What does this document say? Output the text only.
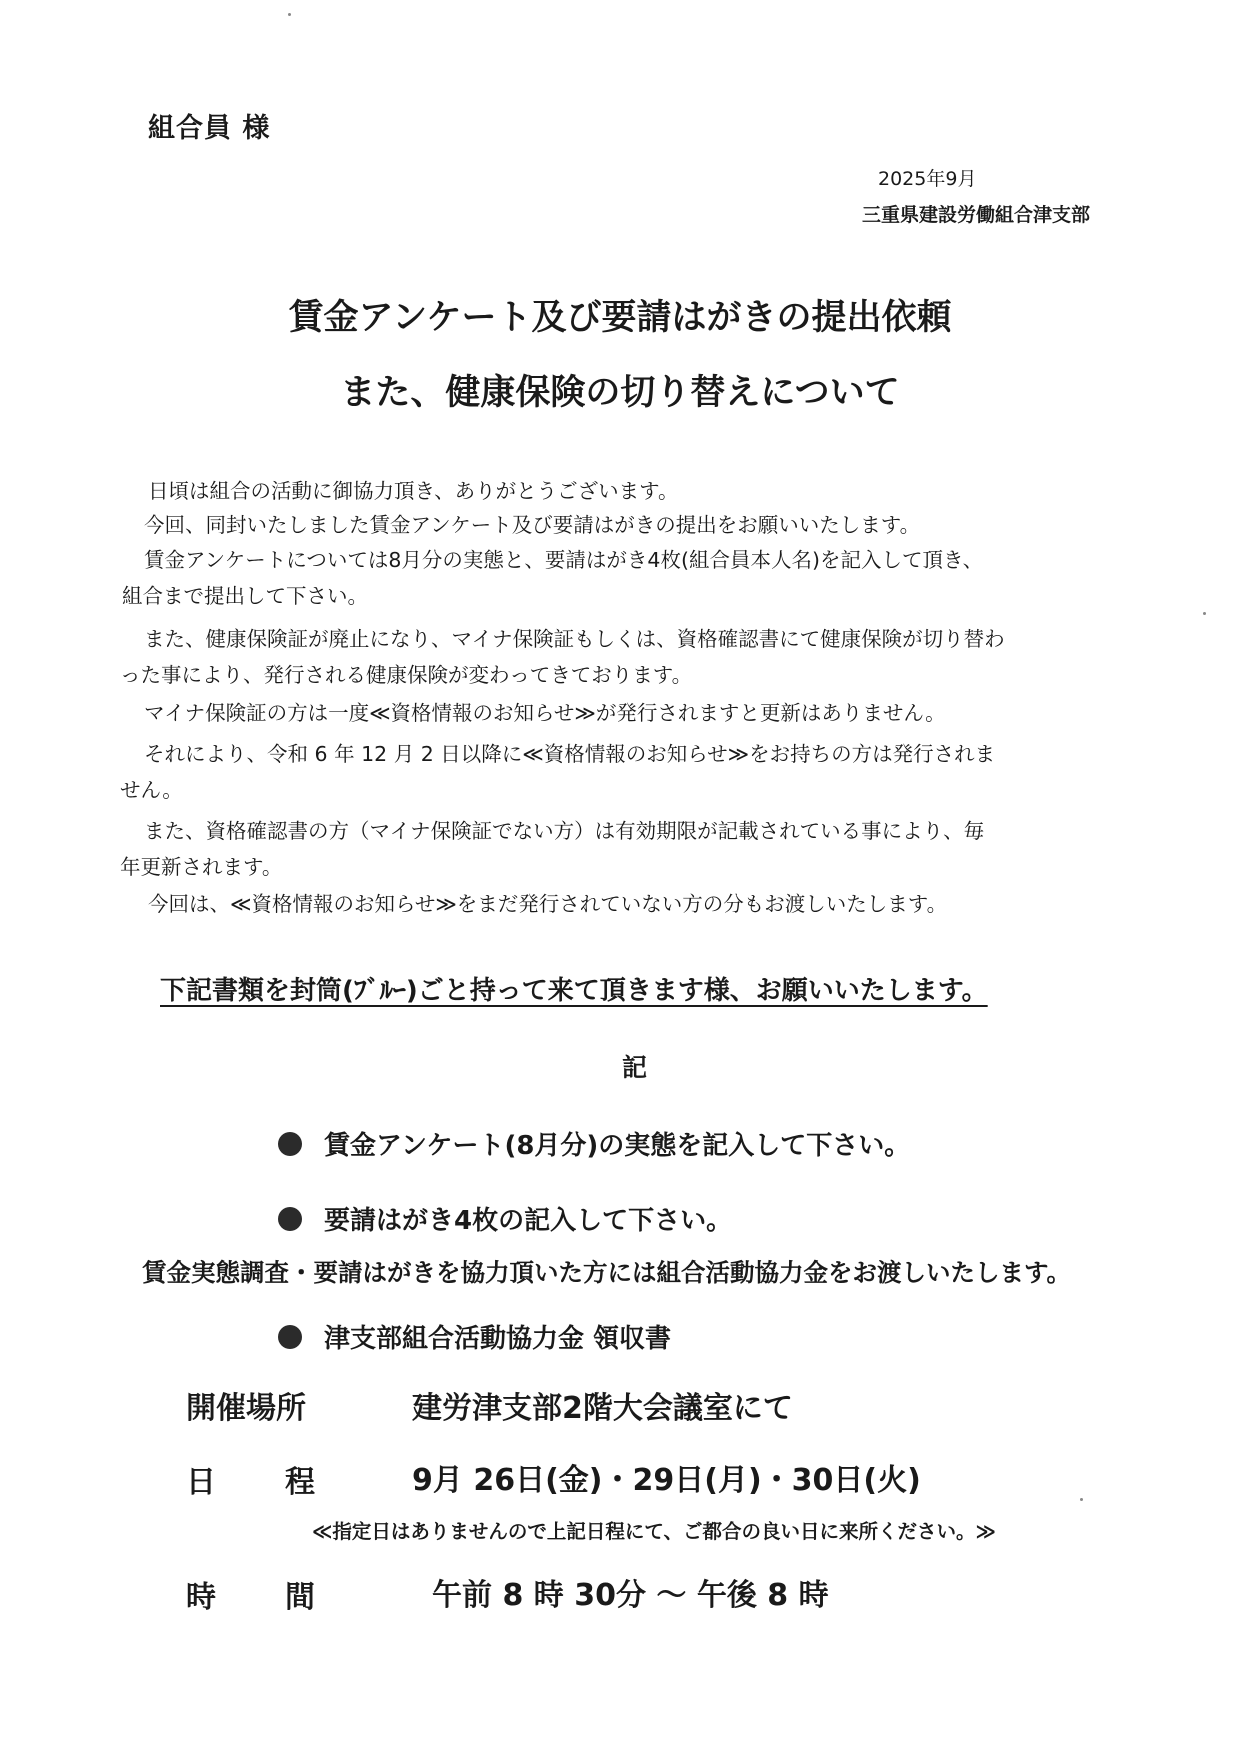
組合員 様
2025年9月
三重県建設労働組合津支部
賃金アンケート及び要請はがきの提出依頼
また、健康保険の切り替えについて
日頃は組合の活動に御協力頂き、ありがとうございます。
今回、同封いたしました賃金アンケート及び要請はがきの提出をお願いいたします。
賃金アンケートについては8月分の実態と、要請はがき4枚(組合員本人名)を記入して頂き、
組合まで提出して下さい。
また、健康保険証が廃止になり、マイナ保険証もしくは、資格確認書にて健康保険が切り替わ
った事により、発行される健康保険が変わってきております。
マイナ保険証の方は一度≪資格情報のお知らせ≫が発行されますと更新はありません。
それにより、令和 6 年 12 月 2 日以降に≪資格情報のお知らせ≫をお持ちの方は発行されま
せん。
また、資格確認書の方（マイナ保険証でない方）は有効期限が記載されている事により、毎
年更新されます。
今回は、≪資格情報のお知らせ≫をまだ発行されていない方の分もお渡しいたします。
下記書類を封筒(ﾌﾞﾙｰ)ごと持って来て頂きます様、お願いいたします。
記
賃金アンケート(8月分)の実態を記入して下さい。
要請はがき4枚の記入して下さい。
賃金実態調査・要請はがきを協力頂いた方には組合活動協力金をお渡しいたします。
津支部組合活動協力金 領収書
開催場所	建労津支部2階大会議室にて
日 程	9月 26日(金)・29日(月)・30日(火)
≪指定日はありませんので上記日程にて、ご都合の良い日に来所ください。≫
時 間	午前 8 時 30分 ～ 午後 8 時
